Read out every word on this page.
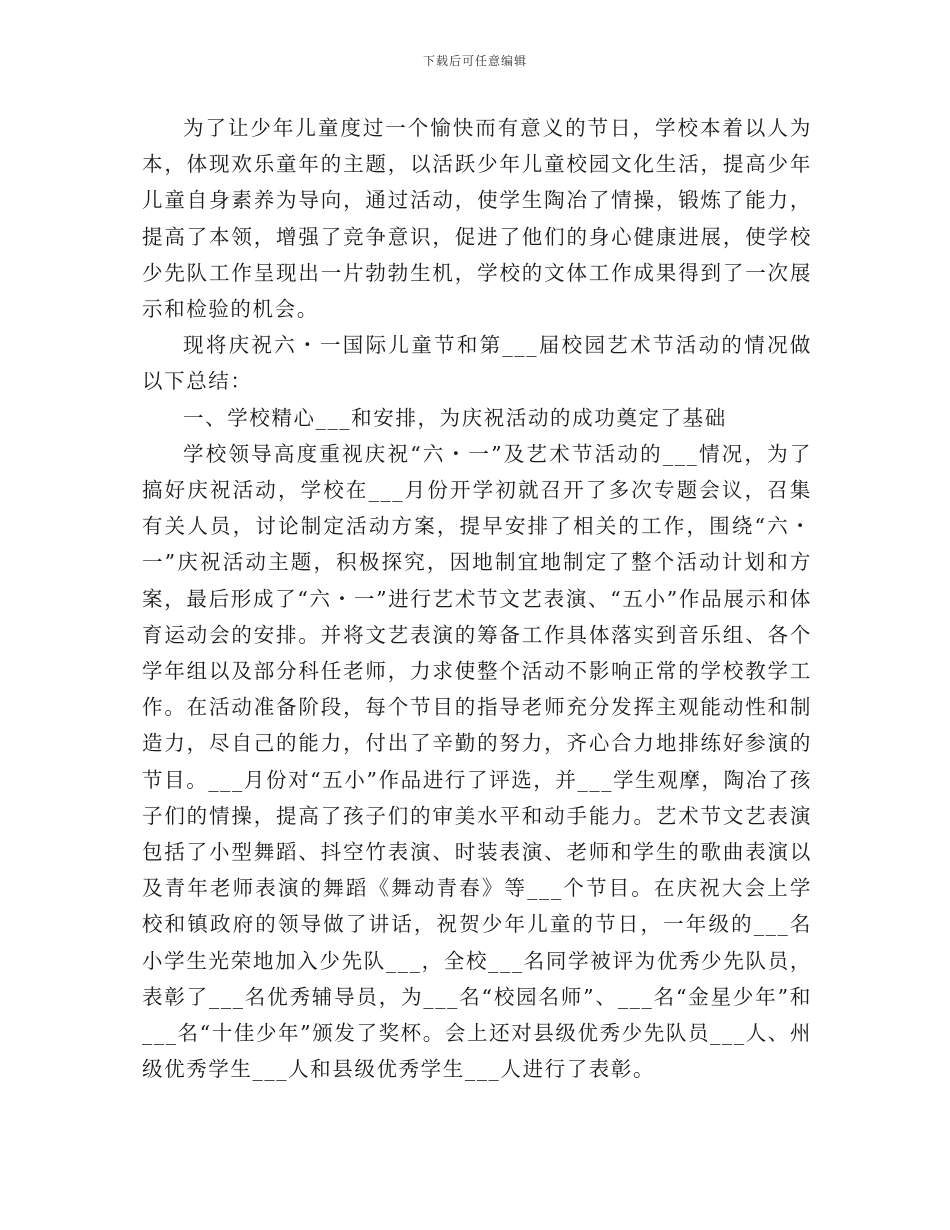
下载后可任意编辑

为了让少年儿童度过一个愉快而有意义的节日，学校本着以人为本，体现欢乐童年的主题，以活跃少年儿童校园文化生活，提高少年儿童自身素养为导向，通过活动，使学生陶冶了情操，锻炼了能力，提高了本领，增强了竞争意识，促进了他们的身心健康进展，使学校少先队工作呈现出一片勃勃生机，学校的文体工作成果得到了一次展示和检验的机会。

现将庆祝六・一国际儿童节和第___届校园艺术节活动的情况做以下总结：

一、学校精心___和安排，为庆祝活动的成功奠定了基础

学校领导高度重视庆祝“六・一”及艺术节活动的___情况，为了搞好庆祝活动，学校在___月份开学初就召开了多次专题会议，召集有关人员，讨论制定活动方案，提早安排了相关的工作，围绕“六・一”庆祝活动主题，积极探究，因地制宜地制定了整个活动计划和方案，最后形成了“六・一”进行艺术节文艺表演、“五小”作品展示和体育运动会的安排。并将文艺表演的筹备工作具体落实到音乐组、各个学年组以及部分科任老师，力求使整个活动不影响正常的学校教学工作。在活动准备阶段，每个节目的指导老师充分发挥主观能动性和制造力，尽自己的能力，付出了辛勤的努力，齐心合力地排练好参演的节目。___月份对“五小”作品进行了评选，并___学生观摩，陶冶了孩子们的情操，提高了孩子们的审美水平和动手能力。艺术节文艺表演包括了小型舞蹈、抖空竹表演、时装表演、老师和学生的歌曲表演以及青年老师表演的舞蹈《舞动青春》等___个节目。在庆祝大会上学校和镇政府的领导做了讲话，祝贺少年儿童的节日，一年级的___名小学生光荣地加入少先队___，全校___名同学被评为优秀少先队员，表彰了___名优秀辅导员，为___名“校园名师”、___名“金星少年”和___名“十佳少年”颁发了奖杯。会上还对县级优秀少先队员___人、州级优秀学生___人和县级优秀学生___人进行了表彰。
